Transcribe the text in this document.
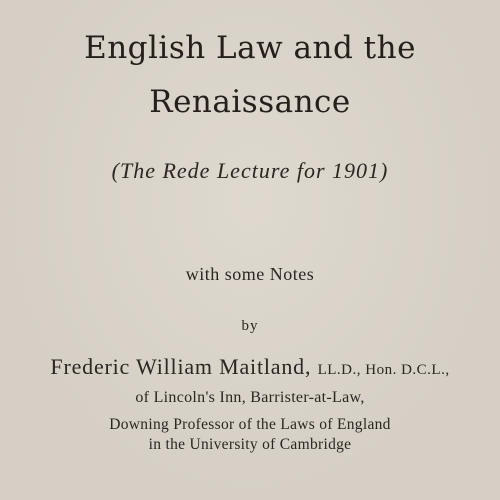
English Law and the
Renaissance
(The Rede Lecture for 1901)
with some Notes
by
Frederic William Maitland, LL.D., Hon. D.C.L.,
of Lincoln's Inn, Barrister-at-Law,
Downing Professor of the Laws of England
in the University of Cambridge
